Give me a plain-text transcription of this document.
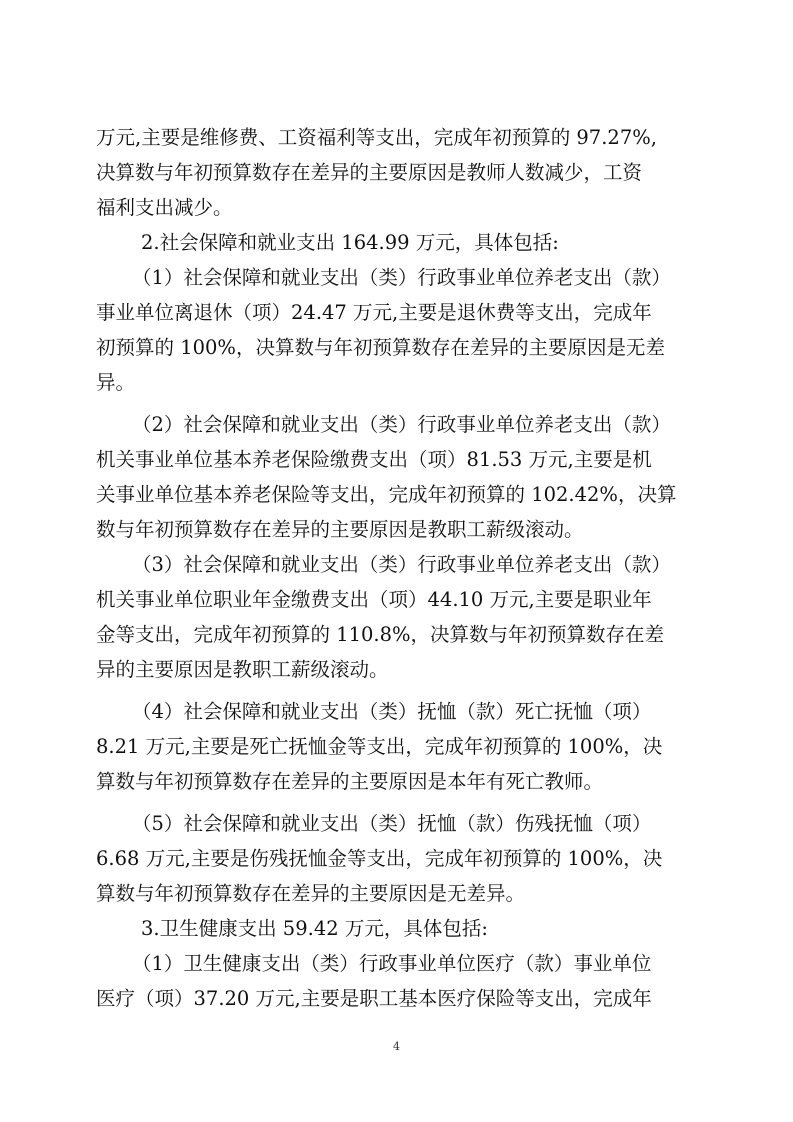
万元,主要是维修费、工资福利等支出，完成年初预算的 97.27%,
决算数与年初预算数存在差异的主要原因是教师人数减少，工资
福利支出减少。
2.社会保障和就业支出 164.99 万元，具体包括:
（1）社会保障和就业支出（类）行政事业单位养老支出（款）
事业单位离退休（项）24.47 万元,主要是退休费等支出，完成年
初预算的 100%，决算数与年初预算数存在差异的主要原因是无差
异。
（2）社会保障和就业支出（类）行政事业单位养老支出（款）
机关事业单位基本养老保险缴费支出（项）81.53 万元,主要是机
关事业单位基本养老保险等支出，完成年初预算的 102.42%，决算
数与年初预算数存在差异的主要原因是教职工薪级滚动。
（3）社会保障和就业支出（类）行政事业单位养老支出（款）
机关事业单位职业年金缴费支出（项）44.10 万元,主要是职业年
金等支出，完成年初预算的 110.8%，决算数与年初预算数存在差
异的主要原因是教职工薪级滚动。
（4）社会保障和就业支出（类）抚恤（款）死亡抚恤（项）
8.21 万元,主要是死亡抚恤金等支出，完成年初预算的 100%，决
算数与年初预算数存在差异的主要原因是本年有死亡教师。
（5）社会保障和就业支出（类）抚恤（款）伤残抚恤（项）
6.68 万元,主要是伤残抚恤金等支出，完成年初预算的 100%，决
算数与年初预算数存在差异的主要原因是无差异。
3.卫生健康支出 59.42 万元，具体包括:
（1）卫生健康支出（类）行政事业单位医疗（款）事业单位
医疗（项）37.20 万元,主要是职工基本医疗保险等支出，完成年
4
